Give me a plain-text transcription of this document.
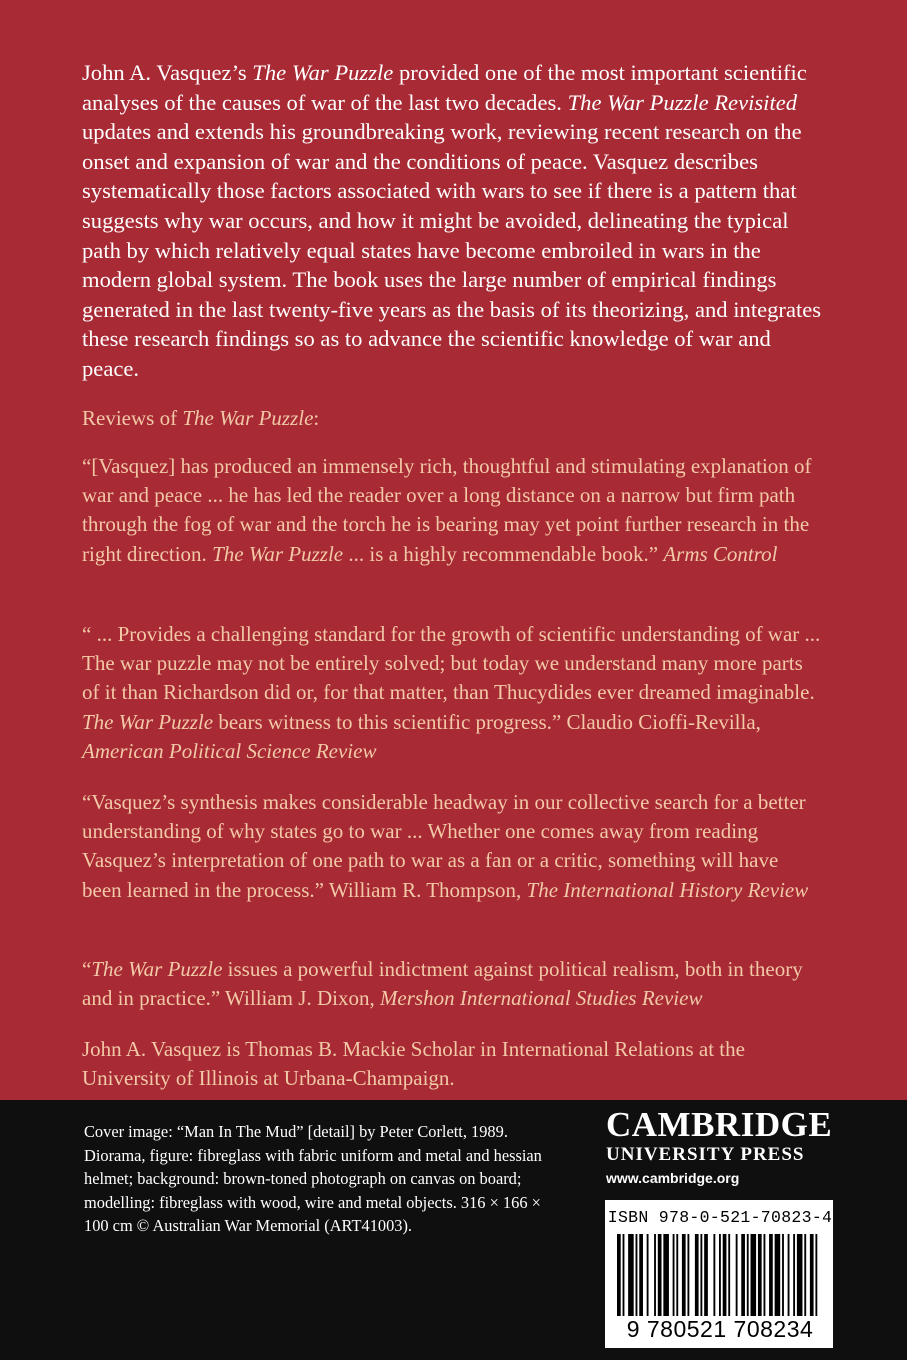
John A. Vasquez’s The War Puzzle provided one of the most important scientific analyses of the causes of war of the last two decades. The War Puzzle Revisited updates and extends his groundbreaking work, reviewing recent research on the onset and expansion of war and the conditions of peace. Vasquez describes systematically those factors associated with wars to see if there is a pattern that suggests why war occurs, and how it might be avoided, delineating the typical path by which relatively equal states have become embroiled in wars in the modern global system. The book uses the large number of empirical findings generated in the last twenty-five years as the basis of its theorizing, and integrates these research findings so as to advance the scientific knowledge of war and peace.

Reviews of The War Puzzle:

“[Vasquez] has produced an immensely rich, thoughtful and stimulating explanation of war and peace ... he has led the reader over a long distance on a narrow but firm path through the fog of war and the torch he is bearing may yet point further research in the right direction. The War Puzzle ... is a highly recommendable book.” Arms Control

“ ... Provides a challenging standard for the growth of scientific understanding of war ... The war puzzle may not be entirely solved; but today we understand many more parts of it than Richardson did or, for that matter, than Thucydides ever dreamed imaginable. The War Puzzle bears witness to this scientific progress.” Claudio Cioffi-Revilla, American Political Science Review

“Vasquez’s synthesis makes considerable headway in our collective search for a better understanding of why states go to war ... Whether one comes away from reading Vasquez’s interpretation of one path to war as a fan or a critic, something will have been learned in the process.” William R. Thompson, The International History Review

“The War Puzzle issues a powerful indictment against political realism, both in theory and in practice.” William J. Dixon, Mershon International Studies Review

John A. Vasquez is Thomas B. Mackie Scholar in International Relations at the University of Illinois at Urbana-Champaign.

Cover image: “Man In The Mud” [detail] by Peter Corlett, 1989. Diorama, figure: fibreglass with fabric uniform and metal and hessian helmet; background: brown-toned photograph on canvas on board; modelling: fibreglass with wood, wire and metal objects. 316 × 166 × 100 cm © Australian War Memorial (ART41003).

CAMBRIDGE
UNIVERSITY PRESS
www.cambridge.org
ISBN 978-0-521-70823-4
9 780521 708234
